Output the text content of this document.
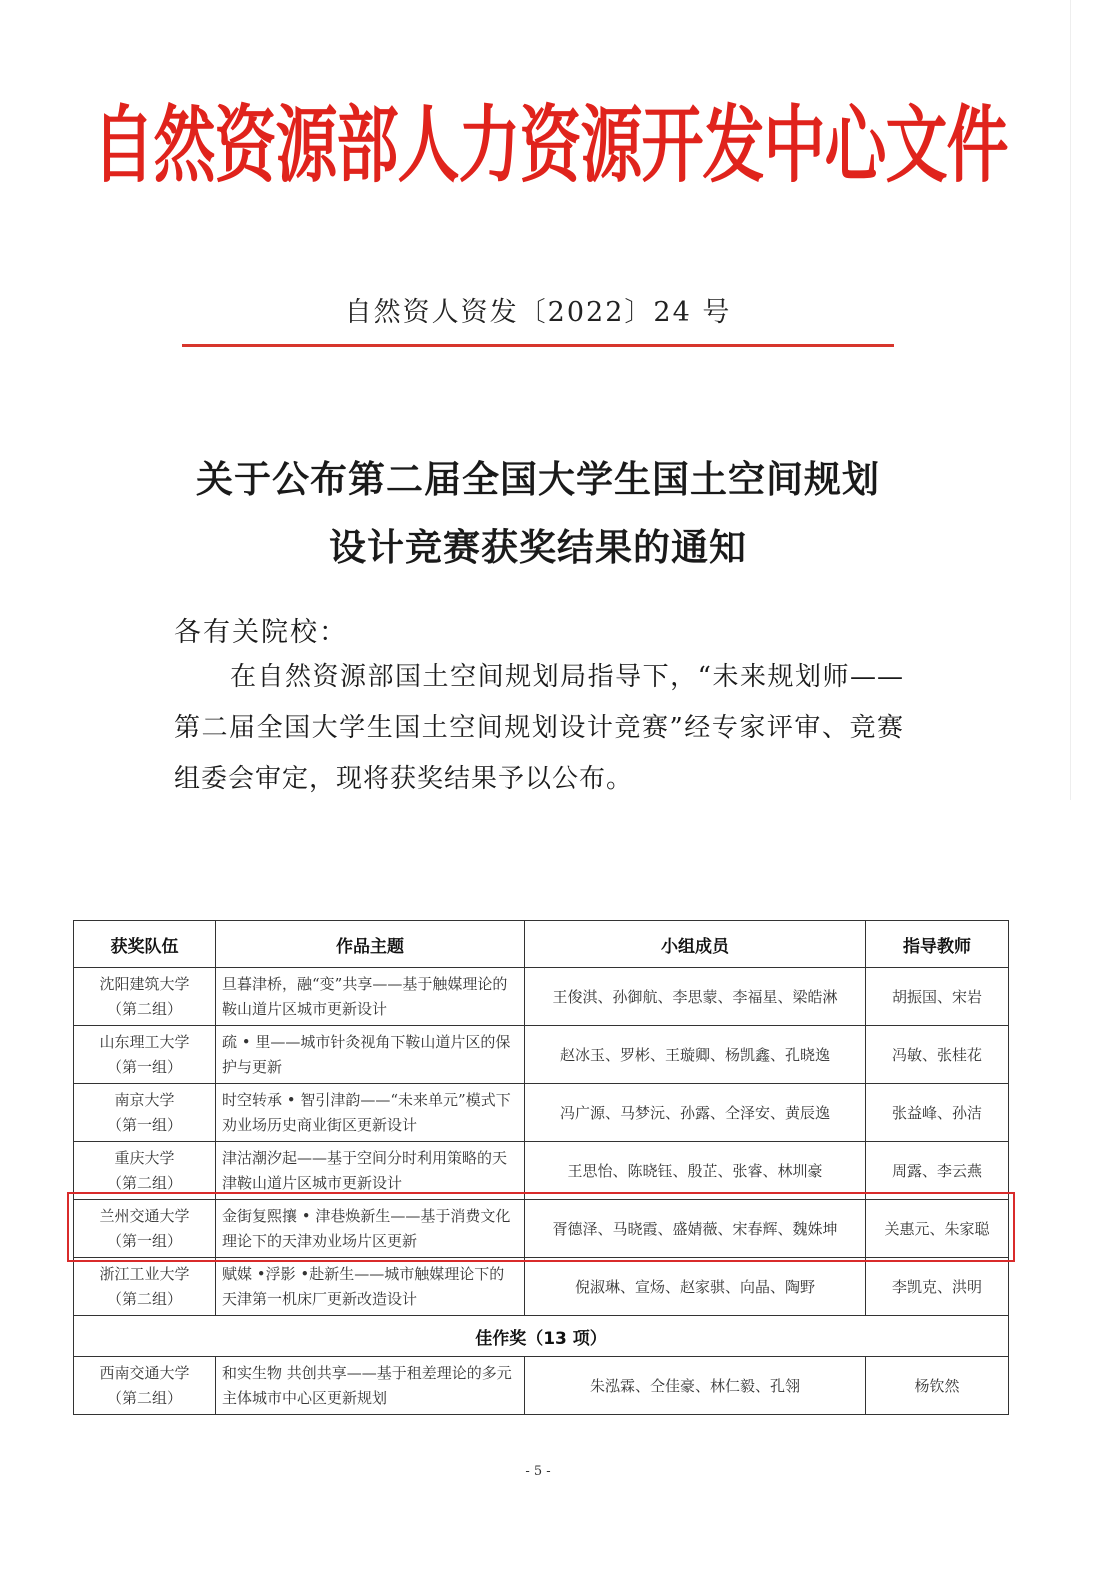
自然资源部人力资源开发中心文件
自然资人资发〔2022〕24 号
关于公布第二届全国大学生国土空间规划
设计竞赛获奖结果的通知
各有关院校：
在自然资源部国土空间规划局指导下，“未来规划师——第二届全国大学生国土空间规划设计竞赛”经专家评审、竞赛组委会审定，现将获奖结果予以公布。
获奖队伍	作品主题	小组成员	指导教师

沈阳建筑大学
（第二组）	旦暮津桥，融“变”共享——基于触媒理论的鞍山道片区城市更新设计	王俊淇、孙御航、李思蒙、李福星、梁皓淋	胡振国、宋岩

山东理工大学
（第一组）	疏 • 里——城市针灸视角下鞍山道片区的保护与更新	赵冰玉、罗彬、王璇卿、杨凯鑫、孔晓逸	冯敏、张桂花

南京大学
（第一组）	时空转承 • 智引津韵——“未来单元”模式下劝业场历史商业街区更新设计	冯广源、马梦沅、孙露、仝泽安、黄辰逸	张益峰、孙洁

重庆大学
（第二组）	津沽潮汐起——基于空间分时利用策略的天津鞍山道片区城市更新设计	王思怡、陈晓钰、殷芷、张睿、林圳豪	周露、李云燕

兰州交通大学
（第一组）	金街复熙攘 • 津巷焕新生——基于消费文化理论下的天津劝业场片区更新	胥德泽、马晓霞、盛婧薇、宋春辉、魏姝坤	关惠元、朱家聪

浙江工业大学
（第二组）	赋媒 •浮影 •赴新生——城市触媒理论下的天津第一机床厂更新改造设计	倪淑琳、宣炀、赵家骐、向晶、陶野	李凯克、洪明
佳作奖（13 项）			

西南交通大学
（第二组）	和实生物 共创共享——基于租差理论的多元主体城市中心区更新规划	朱泓霖、仝佳豪、林仁毅、孔翎	杨钦然
- 5 -
